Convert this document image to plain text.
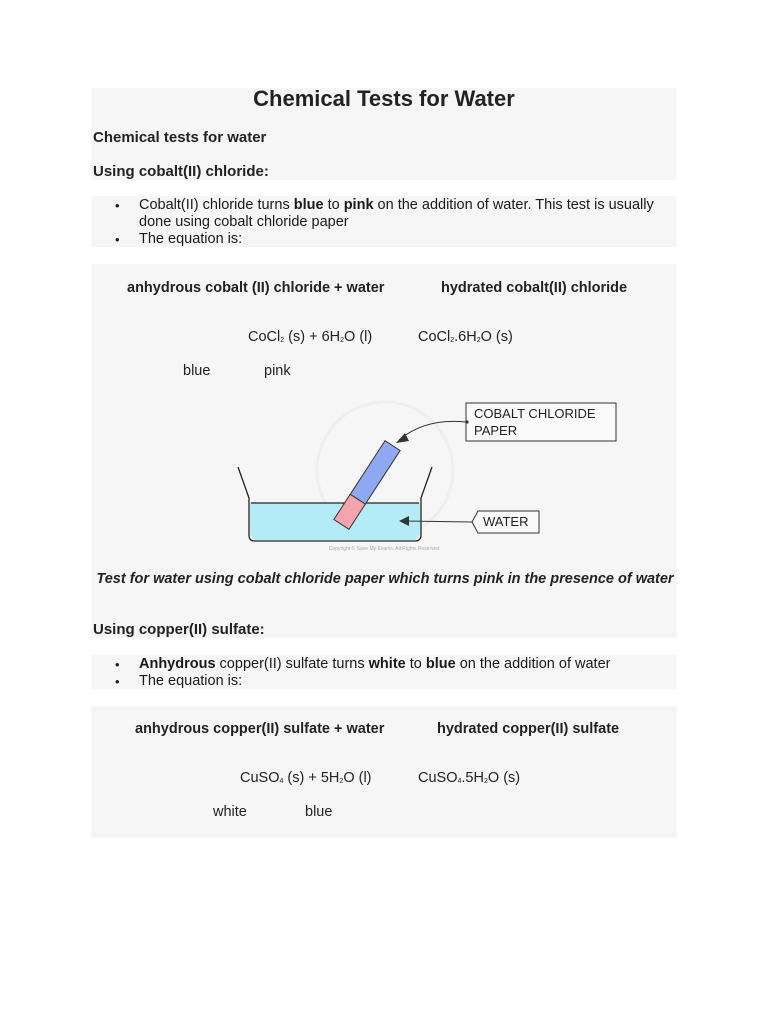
Chemical Tests for Water
Chemical tests for water
Using cobalt(II) chloride:
• Cobalt(II) chloride turns blue to pink on the addition of water. This test is usually done using cobalt chloride paper
• The equation is:
anhydrous cobalt (II) chloride + water	hydrated cobalt(II) chloride
CoCl$_2$ $(s) + 6H_2O$ (l)	$CoCl_2.6H_2O$ (s)
blue	pink
COBALT CHLORIDE
PAPER
WATER
Copyright © Save My Exams. All Rights Reserved
Test for water using cobalt chloride paper which turns pink in the presence of water
Using copper(II) sulfate:
• Anhydrous copper(II) sulfate turns white to blue on the addition of water
• The equation is:
anhydrous copper(II) sulfate + water	hydrated copper(II) sulfate
CuSO$_4$ $(s) + 5H_2O$ (l)	$CuSO_4.5H_2O$ (s)
white	blue
